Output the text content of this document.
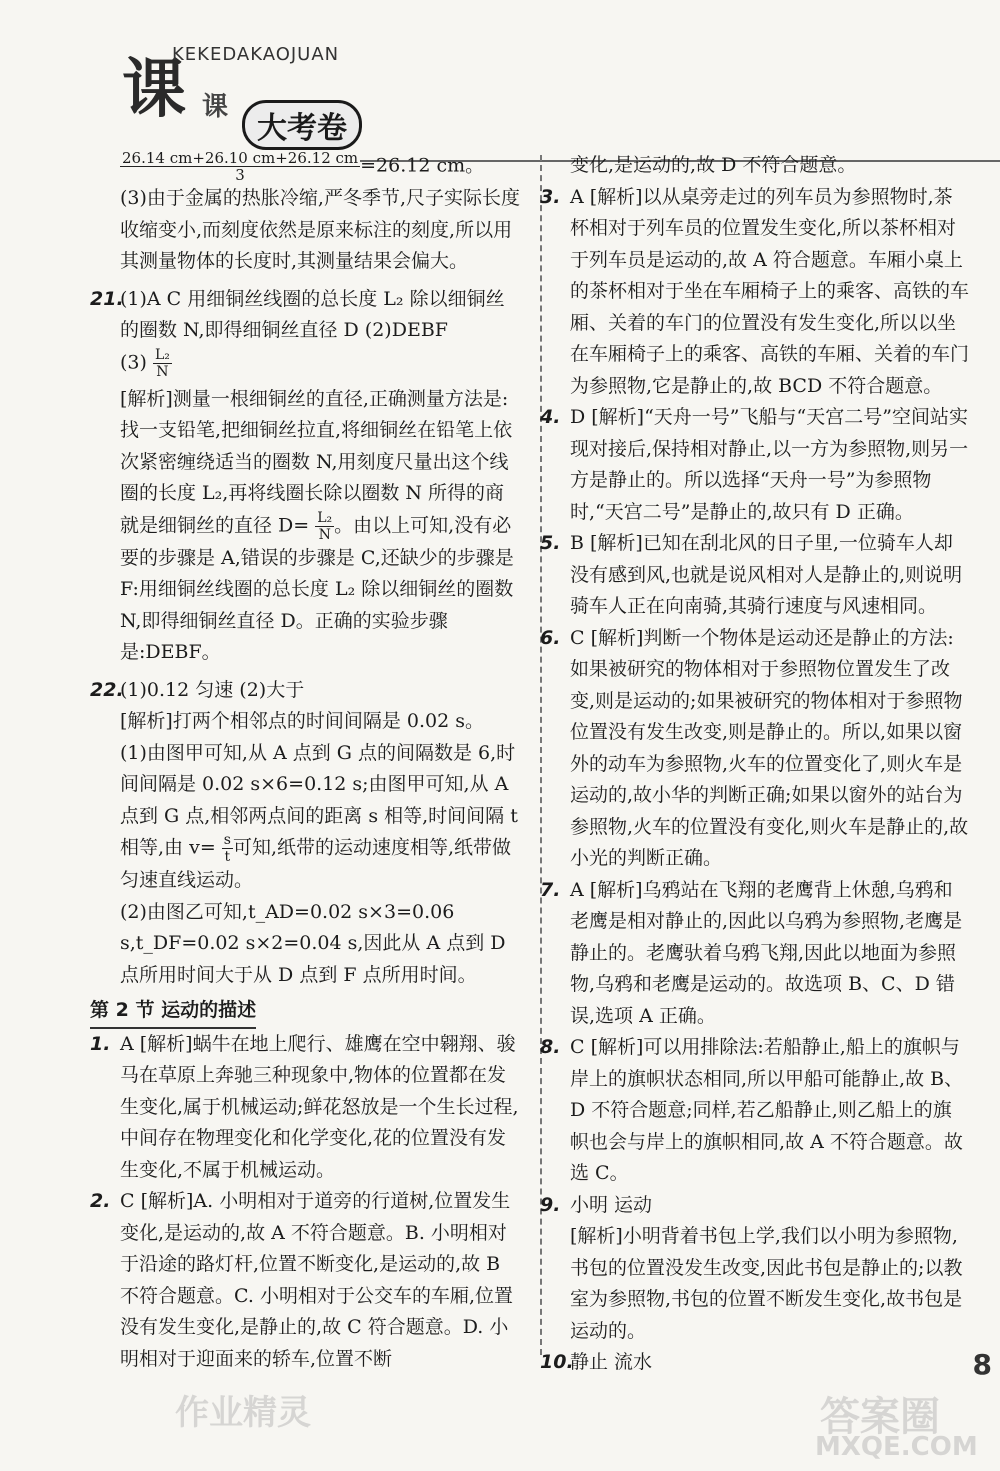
课 课
KEKEDAKAOJUAN
大考卷

$\frac{26.14 cm+26.10 cm+26.12 cm}{3}=26.12$ cm。

(3)由于金属的热胀冷缩,严冬季节,尺子实际长度收缩变小,而刻度依然是原来标注的刻度,所以用其测量物体的长度时,其测量结果会偏大。

21.

(1)A C 用细铜丝线圈的总长度 L₂ 除以细铜丝的圈数 N,即得细铜丝直径 D (2)DEBF

$(3) \frac{\text{L₂}}{N}$

[解析]测量一根细铜丝的直径,正确测量方法是:找一支铅笔,把细铜丝拉直,将细铜丝在铅笔上依次紧密缠绕适当的圈数 N,用刻度尺量出这个线圈的长度 L₂,再将线圈长除以圈数 N 所得的商就是细铜丝的直径 $D= \frac{\text{L₂}}{N}$。由以上可知,没有必要的步骤是 A,错误的步骤是 C,还缺少的步骤是 F:用细铜丝线圈的总长度 L₂ 除以细铜丝的圈数 N,即得细铜丝直径 D。正确的实验步骤是:DEBF。

22.

(1)0.12 匀速 (2)大于

[解析]打两个相邻点的时间间隔是 0.02 s。

(1)由图甲可知,从 A 点到 G 点的间隔数是 6,时间间隔是 0.02 s×6=0.12 s;由图甲可知,从 A 点到 G 点,相邻两点间的距离 s 相等,时间间隔 t 相等,由 $v= \frac{s}{t}$可知,纸带的运动速度相等,纸带做匀速直线运动。

(2)由图乙可知,t_AD=0.02 s×3=0.06 s,t_DF=0.02 s×2=0.04 s,因此从 A 点到 D 点所用时间大于从 D 点到 F 点所用时间。

第 2 节 运动的描述
1. A [解析]蜗牛在地上爬行、雄鹰在空中翱翔、骏马在草原上奔驰三种现象中,物体的位置都在发生变化,属于机械运动;鲜花怒放是一个生长过程,中间存在物理变化和化学变化,花的位置没有发生变化,不属于机械运动。

2. C [解析]A. 小明相对于道旁的行道树,位置发生变化,是运动的,故 A 不符合题意。B. 小明相对于沿途的路灯杆,位置不断变化,是运动的,故 B 不符合题意。C. 小明相对于公交车的车厢,位置没有发生变化,是静止的,故 C 符合题意。D. 小明相对于迎面来的轿车,位置不断

变化,是运动的,故 D 不符合题意。

3. A [解析]以从桌旁走过的列车员为参照物时,茶杯相对于列车员的位置发生变化,所以茶杯相对于列车员是运动的,故 A 符合题意。车厢小桌上的茶杯相对于坐在车厢椅子上的乘客、高铁的车厢、关着的车门的位置没有发生变化,所以以坐在车厢椅子上的乘客、高铁的车厢、关着的车门为参照物,它是静止的,故 BCD 不符合题意。

4. D [解析]“天舟一号”飞船与“天宫二号”空间站实现对接后,保持相对静止,以一方为参照物,则另一方是静止的。所以选择“天舟一号”为参照物时,“天宫二号”是静止的,故只有 D 正确。

5. B [解析]已知在刮北风的日子里,一位骑车人却没有感到风,也就是说风相对人是静止的,则说明骑车人正在向南骑,其骑行速度与风速相同。

6. C [解析]判断一个物体是运动还是静止的方法:如果被研究的物体相对于参照物位置发生了改变,则是运动的;如果被研究的物体相对于参照物位置没有发生改变,则是静止的。所以,如果以窗外的动车为参照物,火车的位置变化了,则火车是运动的,故小华的判断正确;如果以窗外的站台为参照物,火车的位置没有变化,则火车是静止的,故小光的判断正确。

7. A [解析]乌鸦站在飞翔的老鹰背上休憩,乌鸦和老鹰是相对静止的,因此以乌鸦为参照物,老鹰是静止的。老鹰驮着乌鸦飞翔,因此以地面为参照物,乌鸦和老鹰是运动的。故选项 B、C、D 错误,选项 A 正确。

8. C [解析]可以用排除法:若船静止,船上的旗帜与岸上的旗帜状态相同,所以甲船可能静止,故 B、D 不符合题意;同样,若乙船静止,则乙船上的旗帜也会与岸上的旗帜相同,故 A 不符合题意。故选 C。

9. 小明 运动

[解析]小明背着书包上学,我们以小明为参照物,书包的位置没发生改变,因此书包是静止的;以教室为参照物,书包的位置不断发生变化,故书包是运动的。

10.

静止 流水

作业精灵	答案圈
MXQE.COM
8
